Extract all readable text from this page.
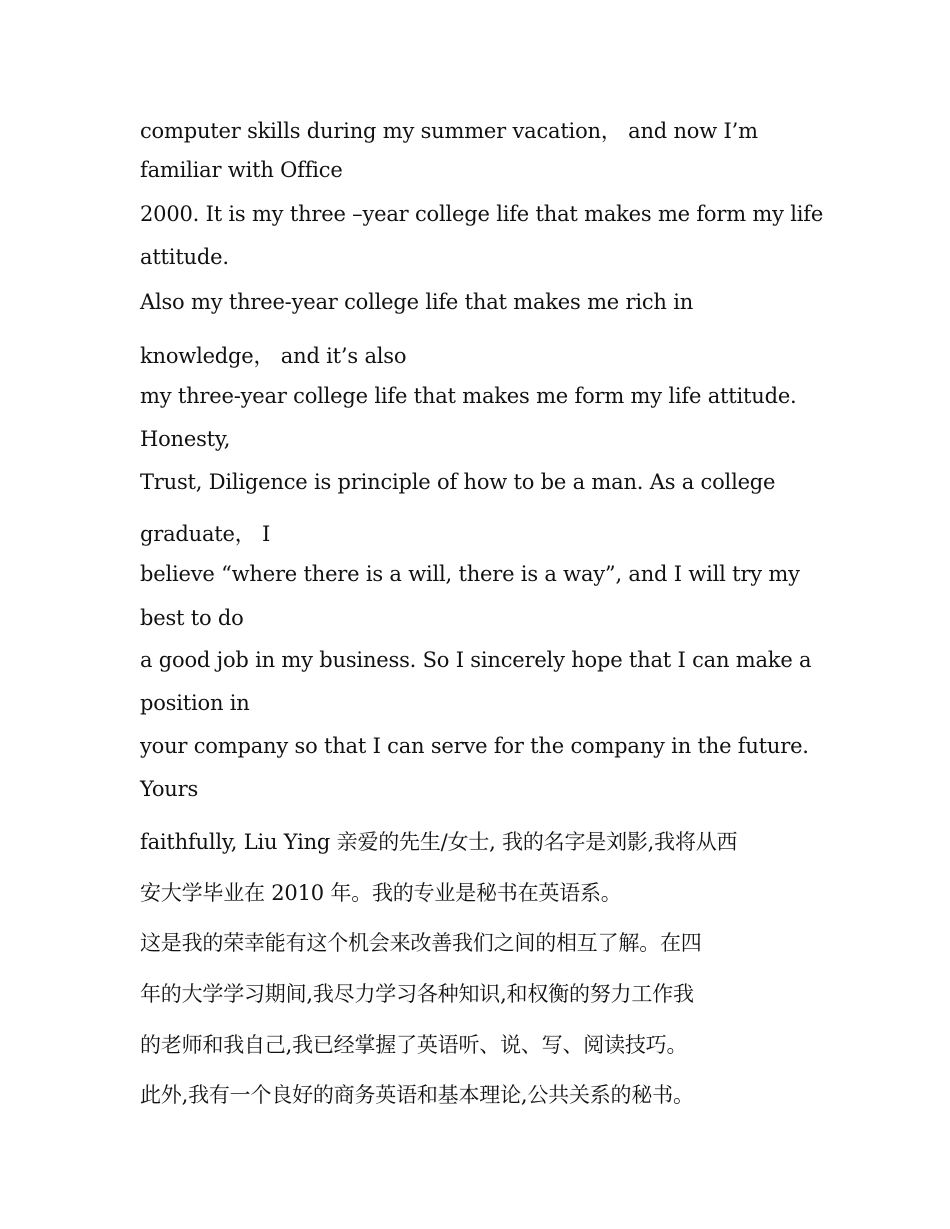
computer skills during my summer vacation， and now I’m

familiar with Office

2000. It is my three –year college life that makes me form my life

attitude.

Also my three-year college life that makes me rich in

knowledge， and it’s also

my three-year college life that makes me form my life attitude.

Honesty,

Trust, Diligence is principle of how to be a man. As a college

graduate， I

believe “where there is a will, there is a way”, and I will try my

best to do

a good job in my business. So I sincerely hope that I can make a

position in

your company so that I can serve for the company in the future.

Yours

faithfully, Liu Ying 亲爱的先生/女士, 我的名字是刘影,我将从西

安大学毕业在 2010 年。我的专业是秘书在英语系。

这是我的荣幸能有这个机会来改善我们之间的相互了解。在四

年的大学学习期间,我尽力学习各种知识,和权衡的努力工作我

的老师和我自己,我已经掌握了英语听、说、写、阅读技巧。

此外,我有一个良好的商务英语和基本理论,公共关系的秘书。
